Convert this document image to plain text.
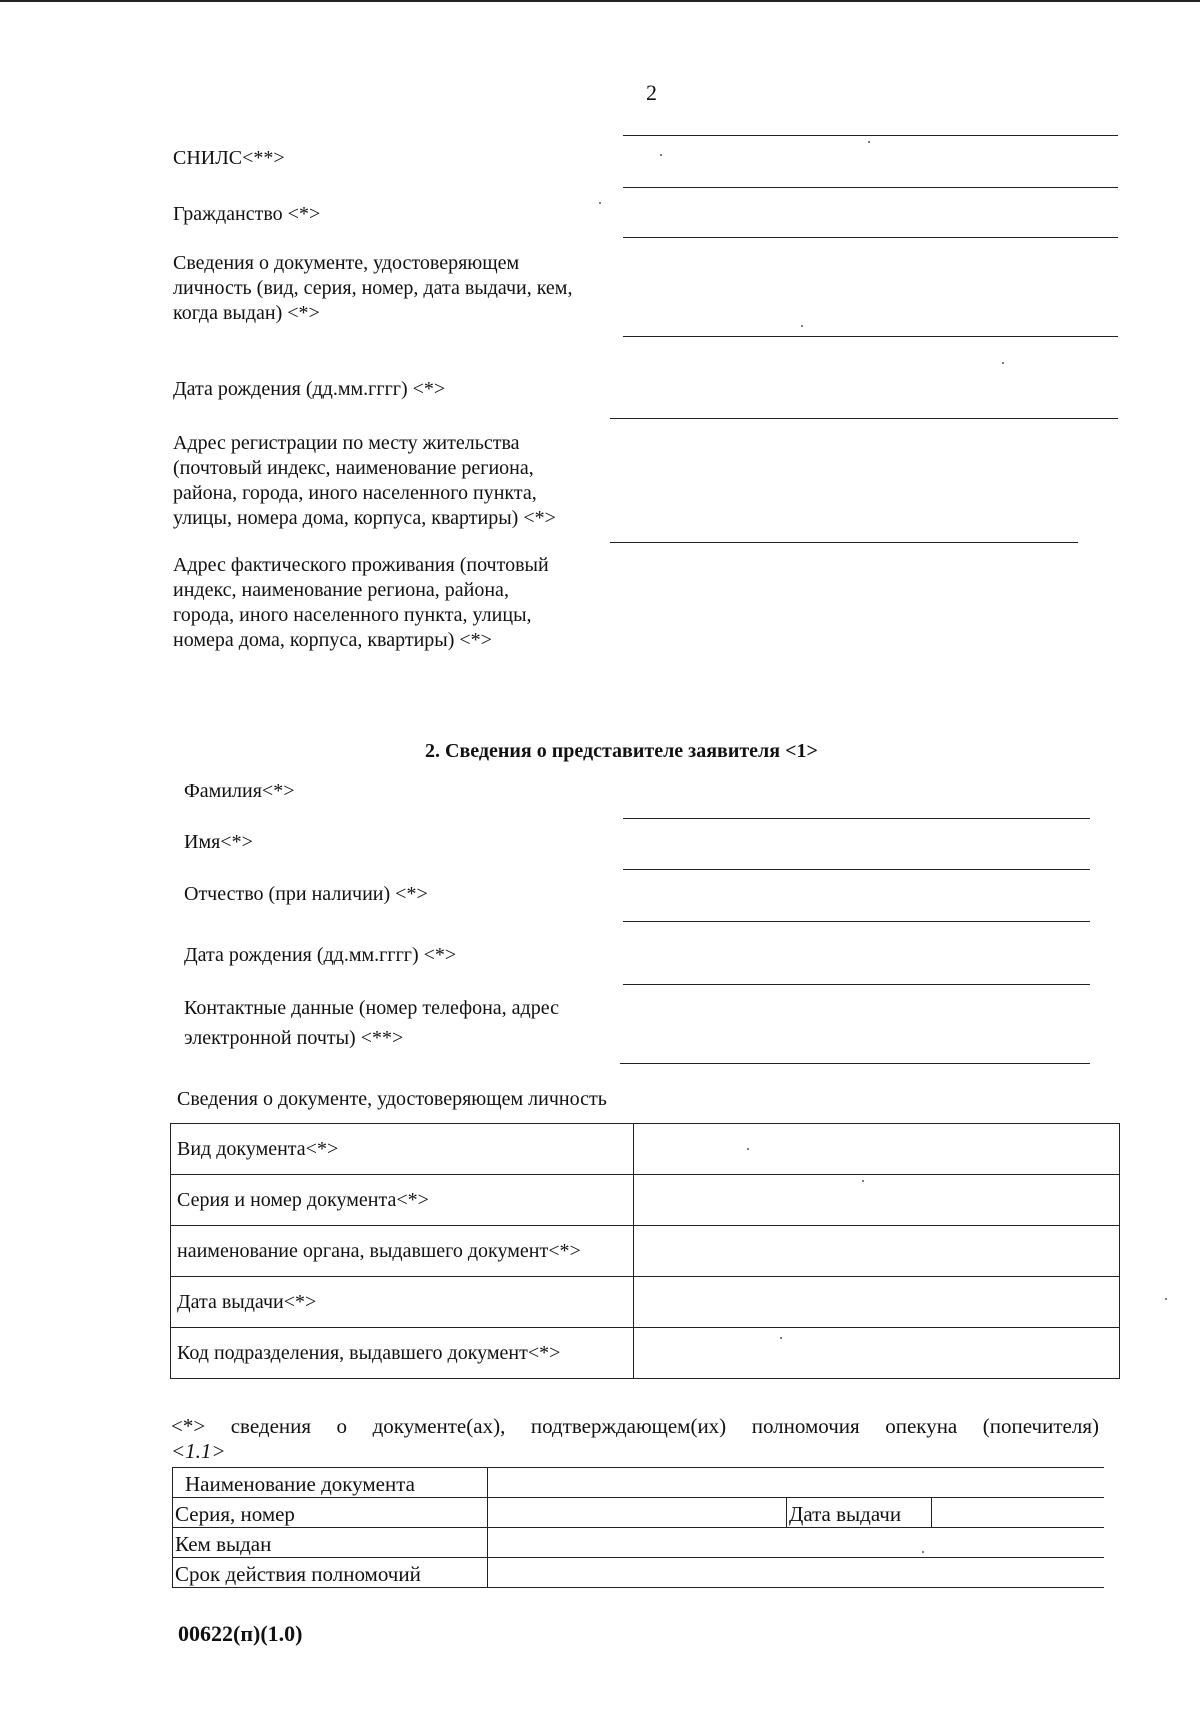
2
СНИЛС<**>
Гражданство <*>
Сведения о документе, удостоверяющем
личность (вид, серия, номер, дата выдачи, кем,
когда выдан) <*>
Дата рождения (дд.мм.гггг) <*>
Адрес регистрации по месту жительства
(почтовый индекс, наименование региона,
района, города, иного населенного пункта,
улицы, номера дома, корпуса, квартиры) <*>
Адрес фактического проживания (почтовый
индекс, наименование региона, района,
города, иного населенного пункта, улицы,
номера дома, корпуса, квартиры) <*>
2. Сведения о представителе заявителя <1>
Фамилия<*>
Имя<*>
Отчество (при наличии) <*>
Дата рождения (дд.мм.гггг) <*>
Контактные данные (номер телефона, адрес
электронной почты) <**>
Сведения о документе, удостоверяющем личность
Вид документа<*>	
Серия и номер документа<*>	
наименование органа, выдавшего документ<*>	
Дата выдачи<*>	
Код подразделения, выдавшего документ<*>	
<*> сведения о документе(ах), подтверждающем(их) полномочия опекуна (попечителя)
<1.1>
Наименование документа			
Серия, номер		Дата выдачи	
Кем выдан			
Срок действия полномочий			
00622(п)(1.0)
